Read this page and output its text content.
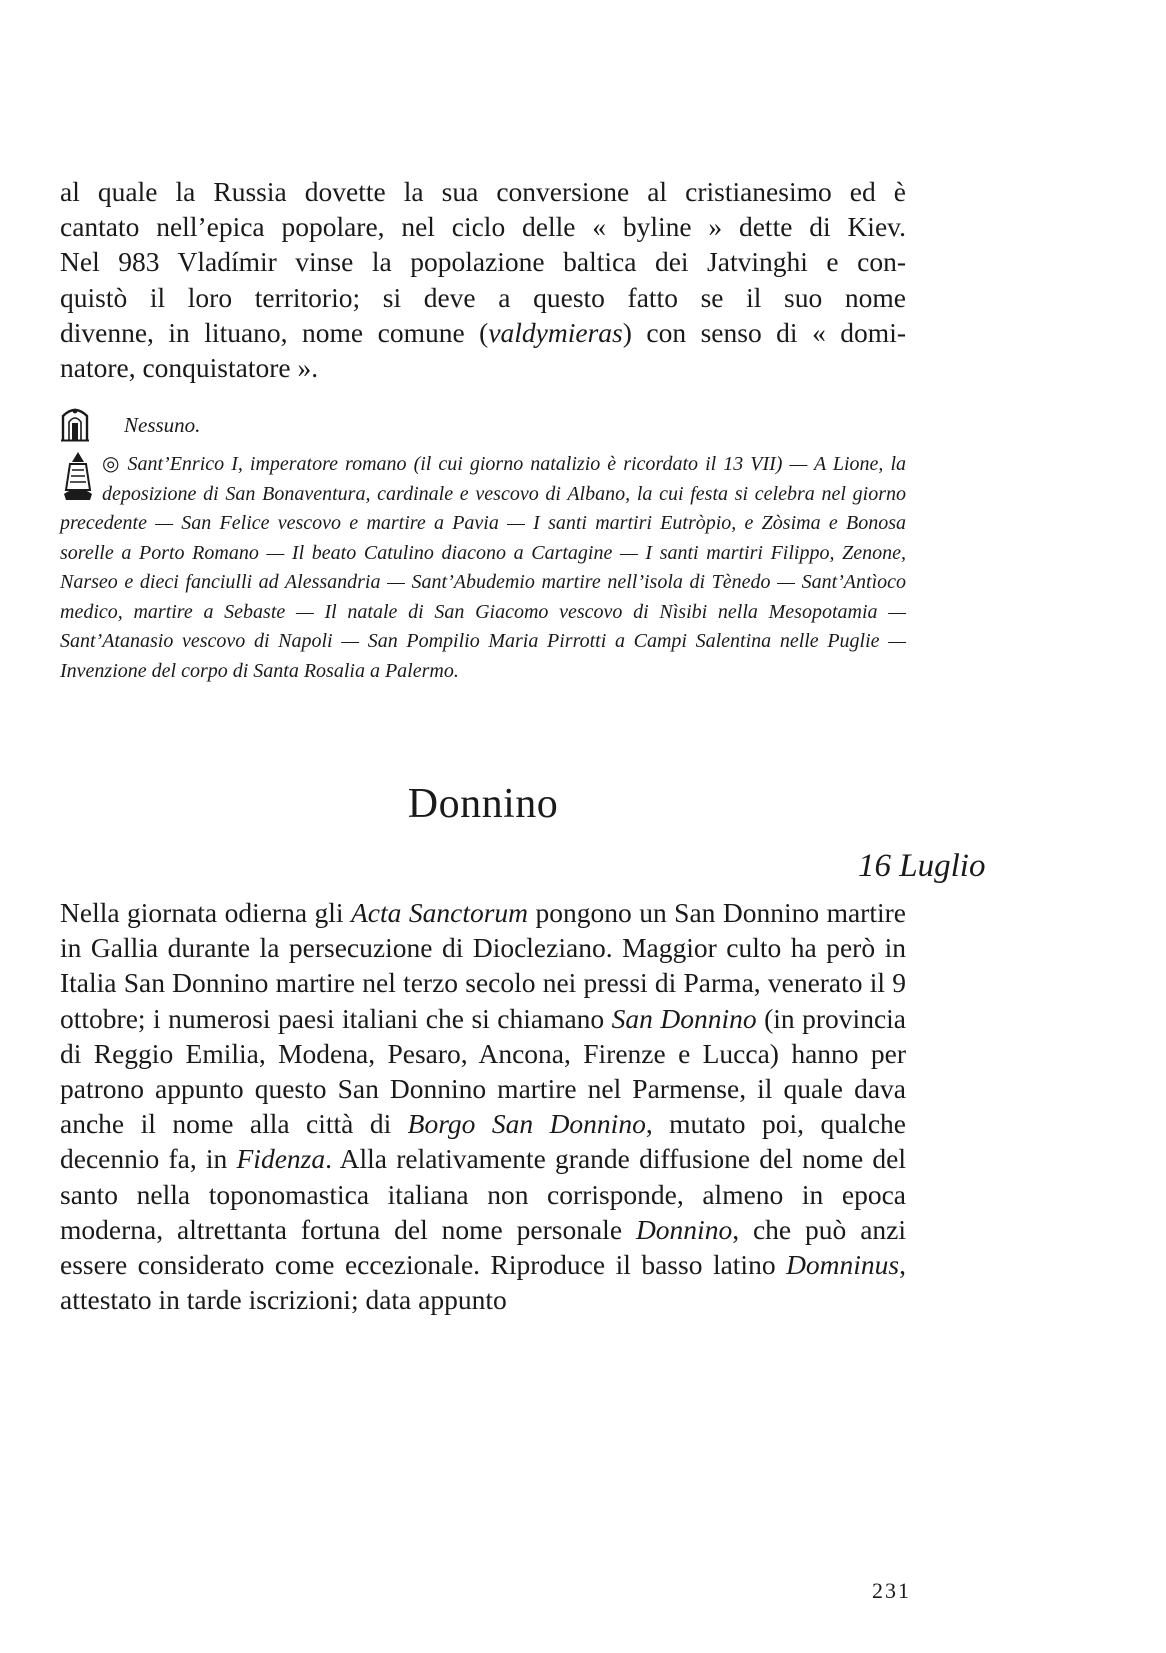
al quale la Russia dovette la sua conversione al cristianesimo ed è

cantato nell’epica popolare, nel ciclo delle « byline » dette di Kiev.

Nel 983 Vladímir vinse la popolazione baltica dei Jatvinghi e con-

quistò il loro territorio; si deve a questo fatto se il suo nome

divenne, in lituano, nome comune (valdymieras) con senso di « domi-

natore, conquistatore ».

Nessuno.
◎ Sant’Enrico I, imperatore romano (il cui giorno natalizio è ricordato il 13 VII) — A Lione, la deposizione di San Bonaventura, cardinale e vescovo di Albano, la cui festa si celebra nel giorno precedente — San Felice vescovo e martire a Pavia — I santi martiri Eutròpio, e Zòsima e Bonosa sorelle a Porto Romano — Il beato Catulino diacono a Cartagine — I santi martiri Filippo, Zenone, Narseo e dieci fanciulli ad Alessandria — Sant’Abudemio martire nell’isola di Tènedo — Sant’Antìoco medico, martire a Sebaste — Il natale di San Giacomo vescovo di Nìsibi nella Mesopotamia — Sant’Atanasio vescovo di Napoli — San Pompilio Maria Pirrotti a Campi Salentina nelle Puglie — Invenzione del corpo di Santa Rosalia a Palermo.
Donnino
16 Luglio

Nella giornata odierna gli Acta Sanctorum pongono un San Donnino martire in Gallia durante la persecuzione di Diocleziano. Maggior culto ha però in Italia San Donnino martire nel terzo secolo nei pressi di Parma, venerato il 9 ottobre; i numerosi paesi italiani che si chiamano San Donnino (in provincia di Reggio Emilia, Modena, Pesaro, Ancona, Firenze e Lucca) hanno per patrono appunto questo San Donnino martire nel Parmense, il quale dava anche il nome alla città di Borgo San Donnino, mutato poi, qualche decennio fa, in Fidenza. Alla relativamente grande diffusione del nome del santo nella toponomastica italiana non corrisponde, almeno in epoca moderna, altrettanta fortuna del nome personale Donnino, che può anzi essere considerato come eccezionale. Riproduce il basso latino Domninus, attestato in tarde iscrizioni; data appunto

231
